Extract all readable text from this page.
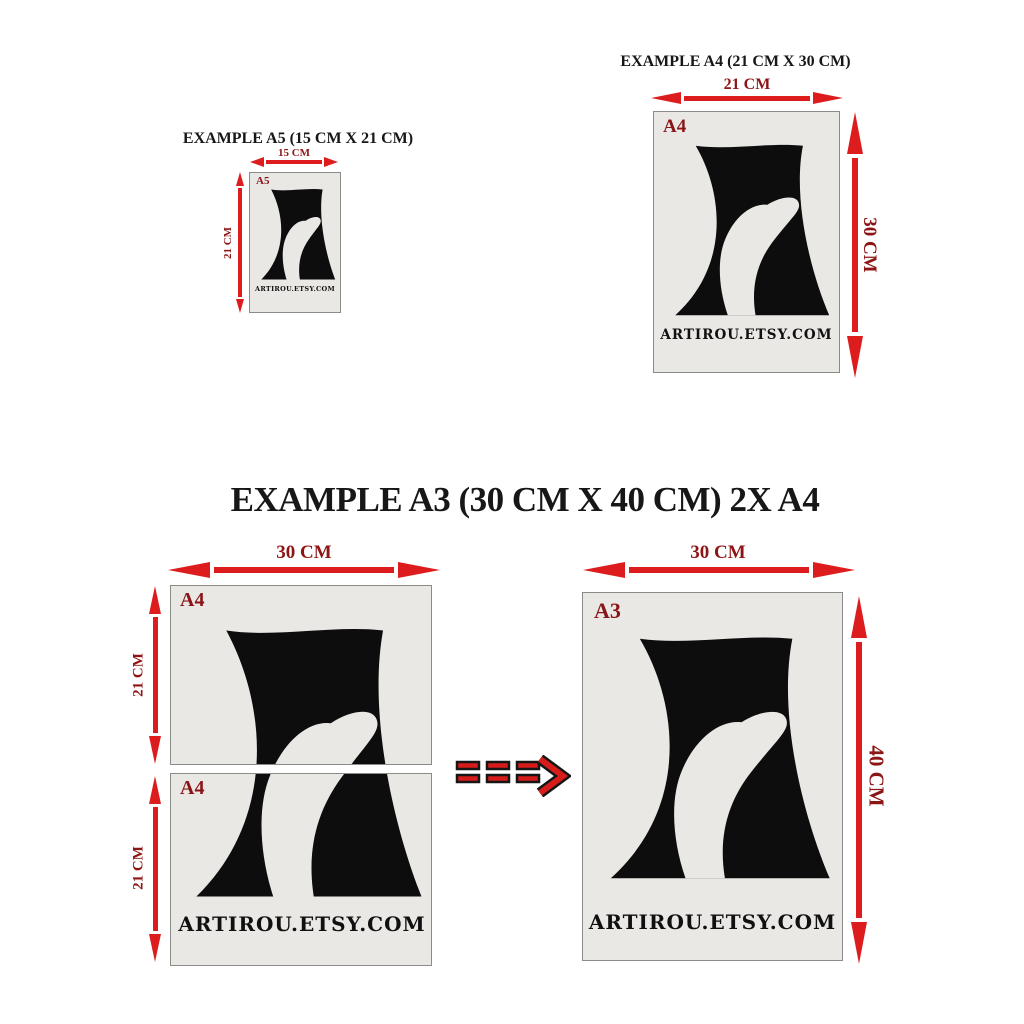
EXAMPLE A5 (15 CM X 21 CM)
15 CM
21 CM
A5
ARTIROU.ETSY.COM
EXAMPLE A4 (21 CM X 30 CM)
21 CM
30 CM
A4
ARTIROU.ETSY.COM
EXAMPLE A3 (30 CM X 40 CM) 2X A4
30 CM
21 CM
21 CM
A4
A4
ARTIROU.ETSY.COM
30 CM
40 CM
A3
ARTIROU.ETSY.COM
